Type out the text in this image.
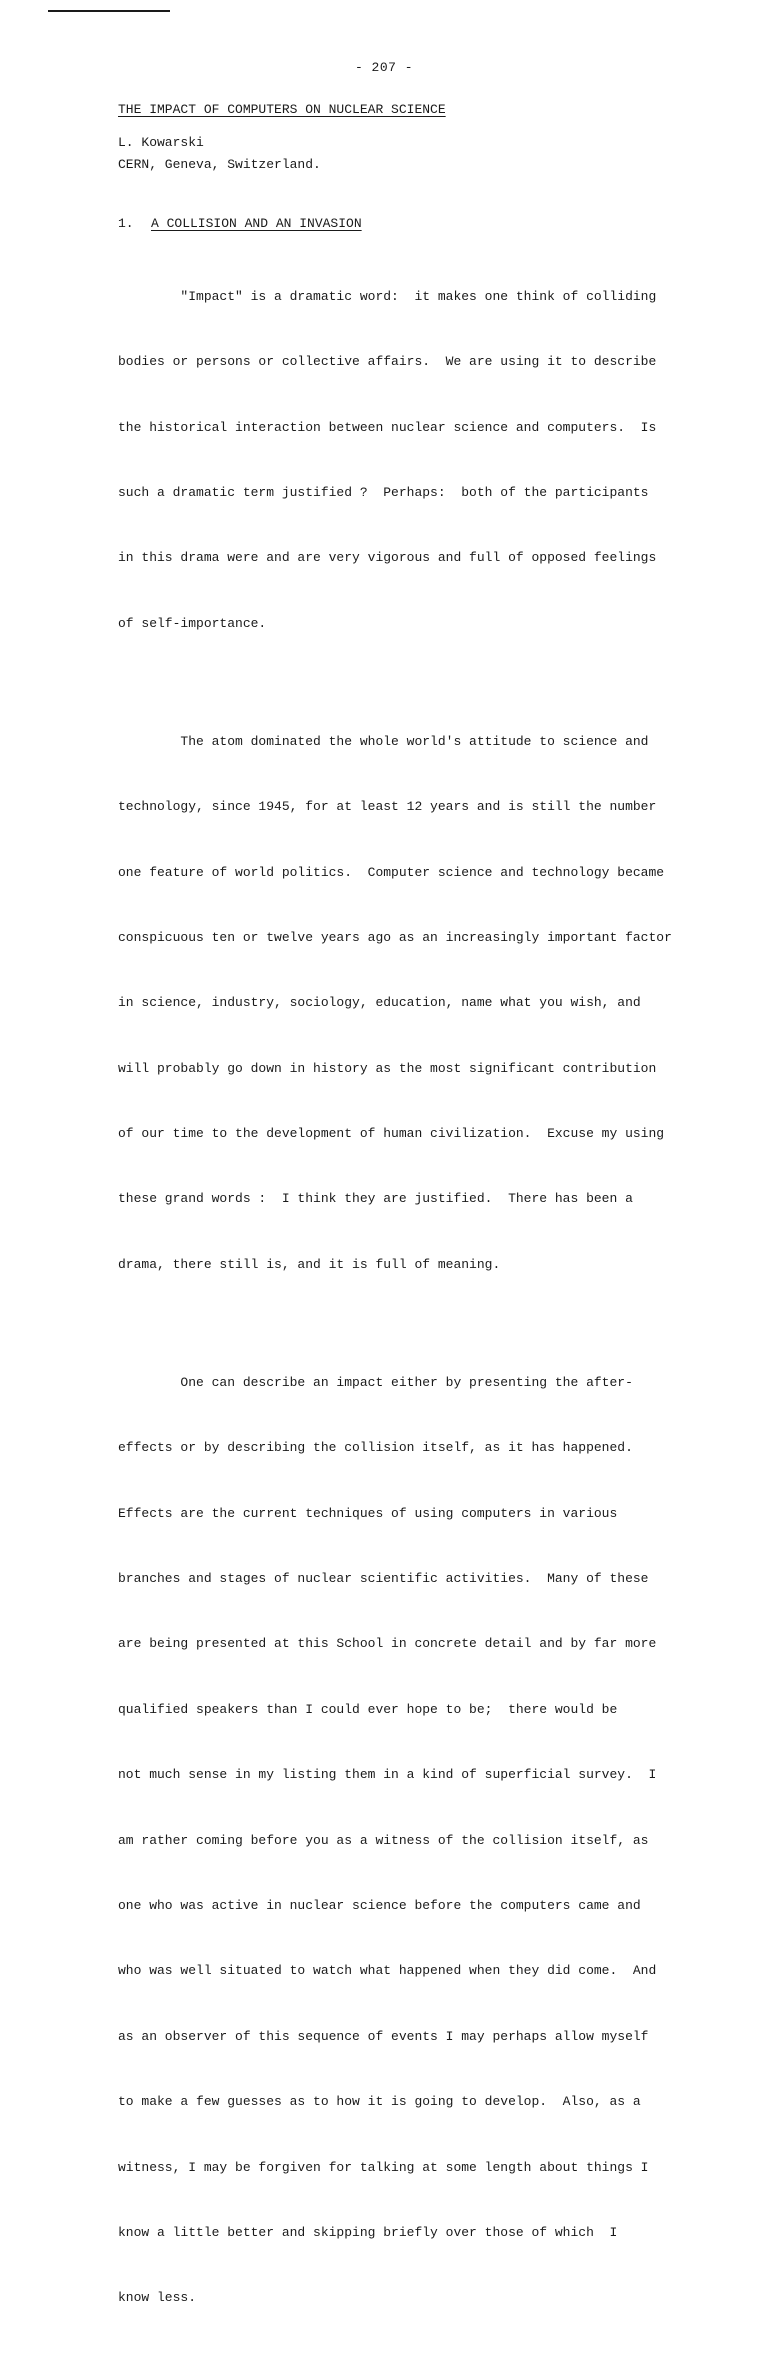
- 207 -

THE IMPACT OF COMPUTERS ON NUCLEAR SCIENCE

L. Kowarski

CERN, Geneva, Switzerland.

1. A COLLISION AND AN INVASION

"Impact" is a dramatic word:  it makes one think of colliding

bodies or persons or collective affairs.  We are using it to describe

the historical interaction between nuclear science and computers.  Is

such a dramatic term justified ?  Perhaps:  both of the participants

in this drama were and are very vigorous and full of opposed feelings

of self-importance.

The atom dominated the whole world's attitude to science and

technology, since 1945, for at least 12 years and is still the number

one feature of world politics.  Computer science and technology became

conspicuous ten or twelve years ago as an increasingly important factor

in science, industry, sociology, education, name what you wish, and

will probably go down in history as the most significant contribution

of our time to the development of human civilization.  Excuse my using

these grand words :  I think they are justified.  There has been a

drama, there still is, and it is full of meaning.

One can describe an impact either by presenting the after-

effects or by describing the collision itself, as it has happened.

Effects are the current techniques of using computers in various

branches and stages of nuclear scientific activities.  Many of these

are being presented at this School in concrete detail and by far more

qualified speakers than I could ever hope to be;  there would be

not much sense in my listing them in a kind of superficial survey.  I

am rather coming before you as a witness of the collision itself, as

one who was active in nuclear science before the computers came and

who was well situated to watch what happened when they did come.  And

as an observer of this sequence of events I may perhaps allow myself

to make a few guesses as to how it is going to develop.  Also, as a

witness, I may be forgiven for talking at some length about things I

know a little better and skipping briefly over those of which  I

know less.
